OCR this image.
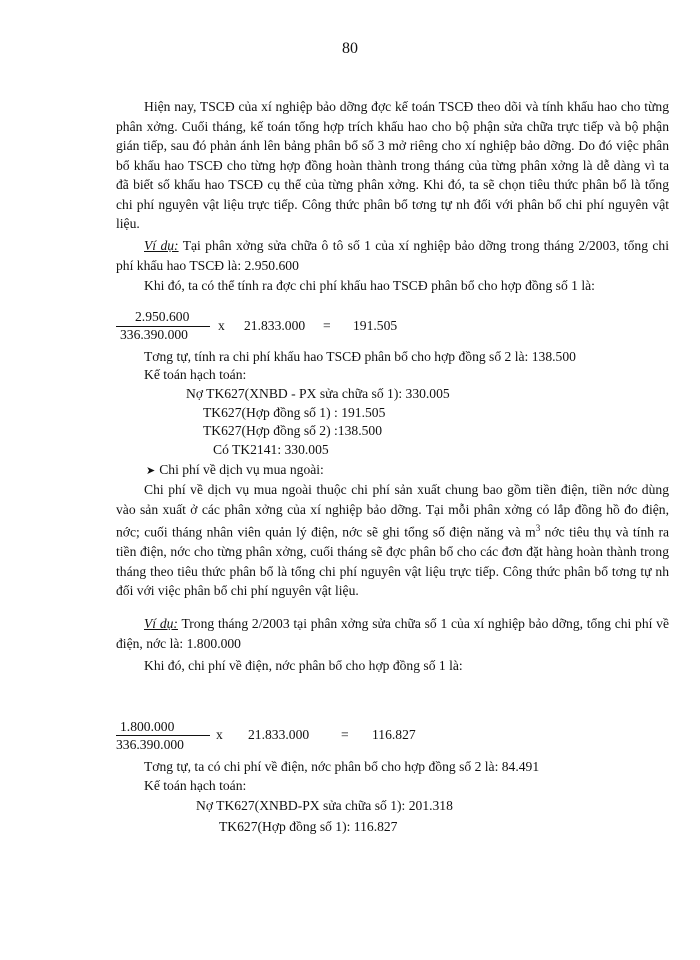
80
Hiện nay, TSCĐ của xí nghiệp bảo dỡng đợc kế toán TSCĐ theo dõi và tính khấu hao cho từng phân xởng. Cuối tháng, kế toán tổng hợp trích khấu hao cho bộ phận sửa chữa trực tiếp và bộ phận gián tiếp, sau đó phản ánh lên bảng phân bổ số 3 mở riêng cho xí nghiệp bảo dỡng. Do đó việc phân bổ khấu hao TSCĐ cho từng hợp đồng hoàn thành trong tháng của từng phân xởng là dễ dàng vì ta đã biết số khấu hao TSCĐ cụ thể của từng phân xởng. Khi đó, ta sẽ chọn tiêu thức phân bổ là tổng chi phí nguyên vật liệu trực tiếp. Công thức phân bổ tơng tự nh đối với phân bổ chi phí nguyên vật liệu.
Ví dụ: Tại phân xởng sửa chữa ô tô số 1 của xí nghiệp bảo dỡng trong tháng 2/2003, tổng chi phí khấu hao TSCĐ là: 2.950.600
Khi đó, ta có thể tính ra đợc chi phí khấu hao TSCĐ phân bổ cho hợp đồng số 1 là:
2.950.600
336.390.000
x 21.833.000 = 191.505
Tơng tự, tính ra chi phí khấu hao TSCĐ phân bổ cho hợp đồng số 2 là: 138.500
Kế toán hạch toán:
Nợ TK627(XNBD - PX sửa chữa số 1): 330.005
TK627(Hợp đồng số 1) : 191.505
TK627(Hợp đồng số 2) :138.500
Có TK2141: 330.005
➤ Chi phí về dịch vụ mua ngoài:
Chi phí về dịch vụ mua ngoài thuộc chi phí sản xuất chung bao gồm tiền điện, tiền nớc dùng vào sản xuất ở các phân xởng của xí nghiệp bảo dỡng. Tại mỗi phân xởng có lắp đồng hồ đo điện, nớc; cuối tháng nhân viên quản lý điện, nớc sẽ ghi tổng số điện năng và $m^3$ nớc tiêu thụ và tính ra tiền điện, nớc cho từng phân xởng, cuối tháng sẽ đợc phân bổ cho các đơn đặt hàng hoàn thành trong tháng theo tiêu thức phân bổ là tổng chi phí nguyên vật liệu trực tiếp. Công thức phân bổ tơng tự nh đối với việc phân bổ chi phí nguyên vật liệu.
Ví dụ: Trong tháng 2/2003 tại phân xởng sửa chữa số 1 của xí nghiệp bảo dỡng, tổng chi phí về điện, nớc là: 1.800.000
Khi đó, chi phí về điện, nớc phân bổ cho hợp đồng số 1 là:
1.800.000
336.390.000
x 21.833.000 = 116.827
Tơng tự, ta có chi phí về điện, nớc phân bổ cho hợp đồng số 2 là: 84.491
Kế toán hạch toán:
Nợ TK627(XNBD-PX sửa chữa số 1): 201.318
TK627(Hợp đồng số 1): 116.827
